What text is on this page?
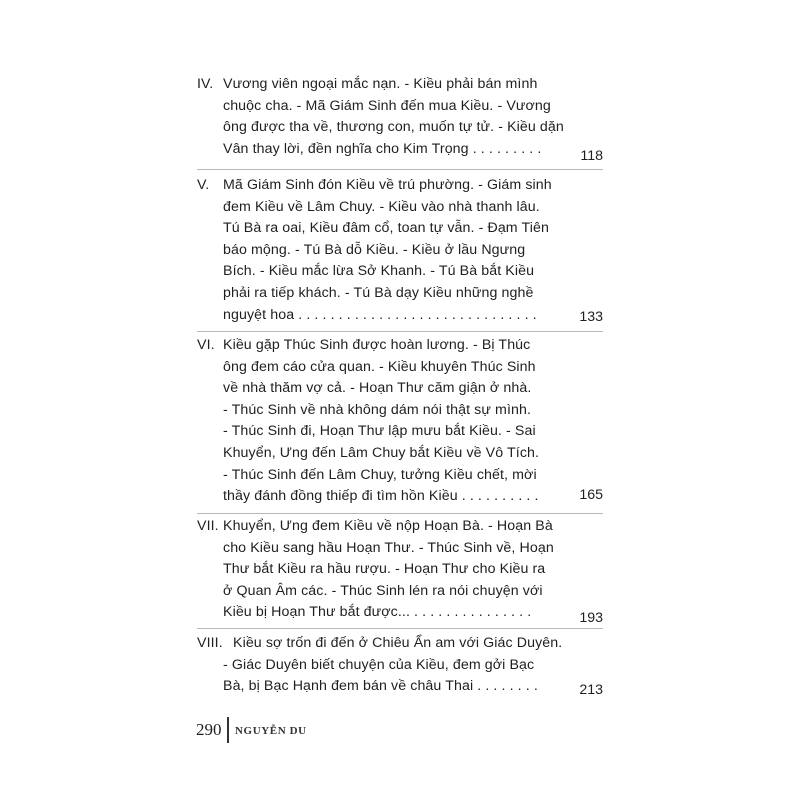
IV. Vương viên ngoại mắc nạn. - Kiều phải bán mình
chuộc cha. - Mã Giám Sinh đến mua Kiều. - Vương
ông được tha về, thương con, muốn tự tử. - Kiều dặn
Vân thay lời, đền nghĩa cho Kim Trọng . . . . . . . . .	118
V. Mã Giám Sinh đón Kiều về trú phường. - Giám sinh
đem Kiều về Lâm Chuy. - Kiều vào nhà thanh lâu.
Tú Bà ra oai, Kiều đâm cổ, toan tự vẫn. - Đạm Tiên
báo mộng. - Tú Bà dỗ Kiều. - Kiều ở lầu Ngưng
Bích. - Kiều mắc lừa Sở Khanh. - Tú Bà bắt Kiều
phải ra tiếp khách. - Tú Bà dạy Kiều những nghề
nguyệt hoa . . . . . . . . . . . . . . . . . . . . . . . . . . . . . .	133
VI. Kiều gặp Thúc Sinh được hoàn lương. - Bị Thúc
ông đem cáo cửa quan. - Kiều khuyên Thúc Sinh
về nhà thăm vợ cả. - Hoạn Thư căm giận ở nhà.
- Thúc Sinh về nhà không dám nói thật sự mình.
- Thúc Sinh đi, Hoạn Thư lập mưu bắt Kiều. - Sai
Khuyển, Ưng đến Lâm Chuy bắt Kiều về Vô Tích.
- Thúc Sinh đến Lâm Chuy, tưởng Kiều chết, mời
thầy đánh đồng thiếp đi tìm hồn Kiều . . . . . . . . . .	165
VII. Khuyển, Ưng đem Kiều về nộp Hoạn Bà. - Hoạn Bà
cho Kiều sang hầu Hoạn Thư. - Thúc Sinh về, Hoạn
Thư bắt Kiều ra hầu rượu. - Hoạn Thư cho Kiều ra
ở Quan Âm các. - Thúc Sinh lén ra nói chuyện với
Kiều bị Hoạn Thư bắt được... . . . . . . . . . . . . . . .	193
VIII. Kiều sợ trốn đi đến ở Chiêu Ẩn am với Giác Duyên.
- Giác Duyên biết chuyện của Kiều, đem gởi Bạc
Bà, bị Bạc Hạnh đem bán về châu Thai . . . . . . . .	213
290 NGUYỄN DU
